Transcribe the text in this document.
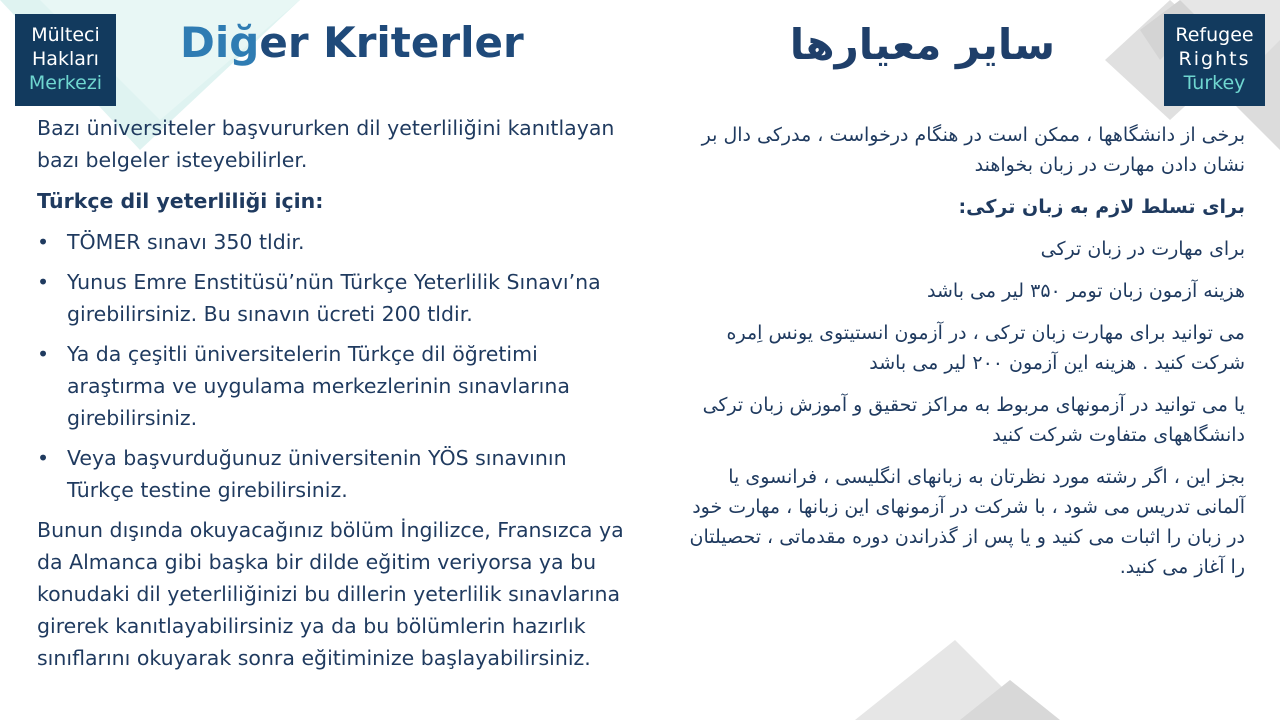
Mülteci
Hakları
Merkezi
Refugee
Rights
Turkey
Diğer Kriterler	سایر معیارها

Bazı üniversiteler başvururken dil yeterliliğini kanıtlayan bazı belgeler isteyebilirler.

Türkçe dil yeterliliği için:

• TÖMER sınavı 350 tldir.
• Yunus Emre Enstitüsü’nün Türkçe Yeterlilik Sınavı’na girebilirsiniz. Bu sınavın ücreti 200 tldir.
• Ya da çeşitli üniversitelerin Türkçe dil öğretimi araştırma ve uygulama merkezlerinin sınavlarına girebilirsiniz.
• Veya başvurduğunuz üniversitenin YÖS sınavının Türkçe testine girebilirsiniz.

Bunun dışında okuyacağınız bölüm İngilizce, Fransızca ya da Almanca gibi başka bir dilde eğitim veriyorsa ya bu konudaki dil yeterliliğinizi bu dillerin yeterlilik sınavlarına girerek kanıtlayabilirsiniz ya da bu bölümlerin hazırlık sınıflarını okuyarak sonra eğitiminize başlayabilirsiniz.

برخی از دانشگاهها ، ممکن است در هنگام درخواست ، مدرکی دال بر نشان دادن مهارت در زبان بخواهند

برای تسلط لازم به زبان ترکی:

برای مهارت در زبان ترکی

هزینه آزمون زبان تومر ۳۵۰ لیر می باشد

می توانید برای مهارت زبان ترکی ، در آزمون انستیتوی یونس اِمره شرکت کنید . هزینه این آزمون ۲۰۰ لیر می باشد

یا می توانید در آزمونهای مربوط به مراکز تحقیق و آموزش زبان ترکی دانشگاههای متفاوت شرکت کنید

بجز این ، اگر رشته مورد نظرتان به زبانهای انگلیسی ، فرانسوی یا آلمانی تدریس می شود ، با شرکت در آزمونهای این زبانها ، مهارت خود در زبان را اثبات می کنید و یا پس از گذراندن دوره مقدماتی ، تحصیلتان را آغاز می کنید.
